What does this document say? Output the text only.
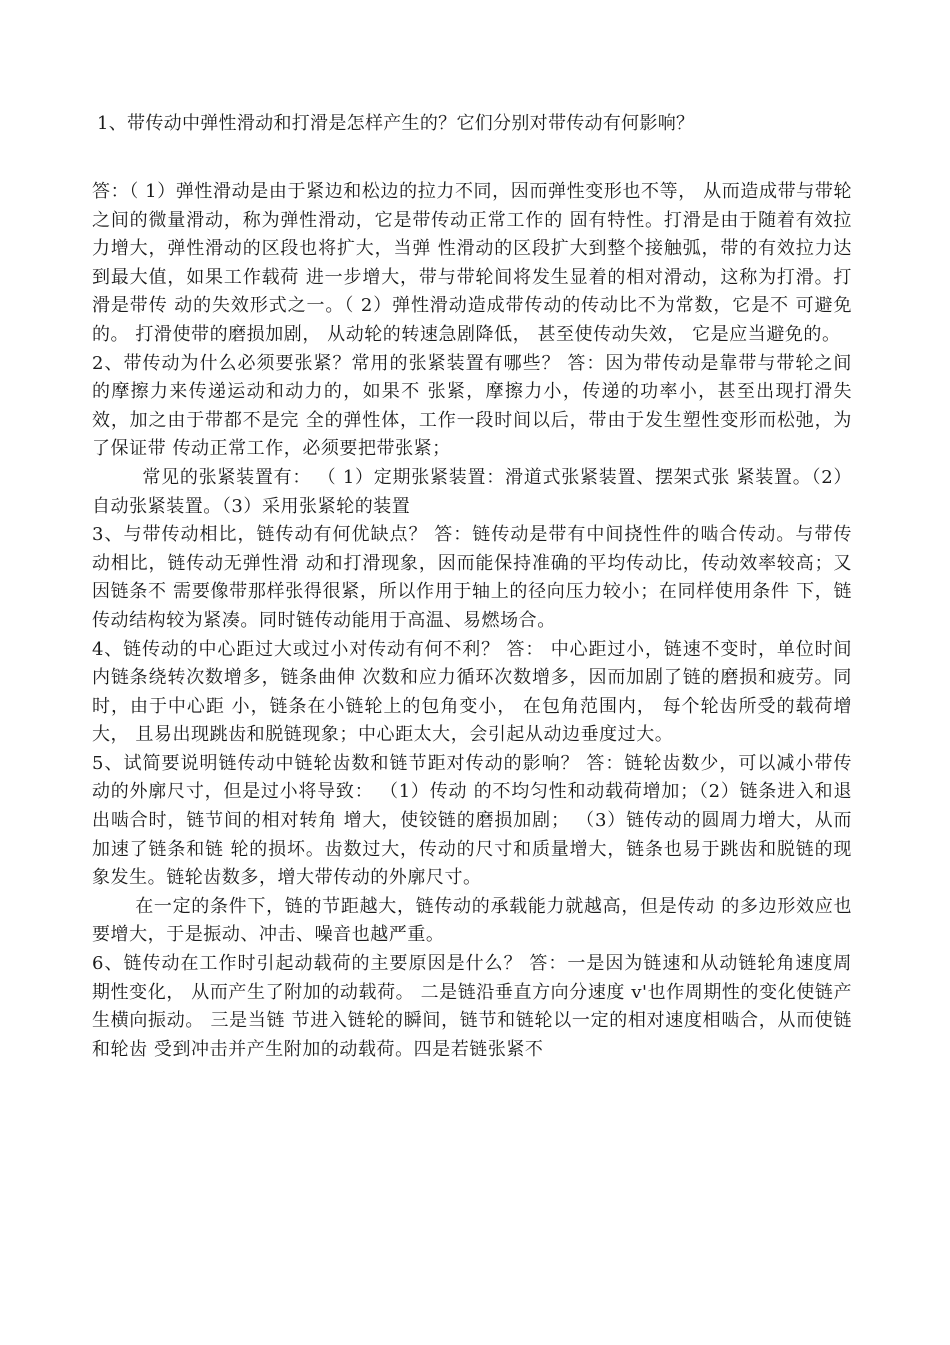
1、带传动中弹性滑动和打滑是怎样产生的？它们分别对带传动有何影响？

答：（ 1）弹性滑动是由于紧边和松边的拉力不同，因而弹性变形也不等， 从而造成带与带轮之间的微量滑动，称为弹性滑动，它是带传动正常工作的 固有特性。打滑是由于随着有效拉力增大，弹性滑动的区段也将扩大，当弹 性滑动的区段扩大到整个接触弧，带的有效拉力达到最大值，如果工作载荷 进一步增大，带与带轮间将发生显着的相对滑动，这称为打滑。打滑是带传 动的失效形式之一。（ 2）弹性滑动造成带传动的传动比不为常数，它是不 可避免的。 打滑使带的磨损加剧， 从动轮的转速急剧降低， 甚至使传动失效， 它是应当避免的。

2、带传动为什么必须要张紧？常用的张紧装置有哪些？ 答：因为带传动是靠带与带轮之间的摩擦力来传递运动和动力的，如果不 张紧，摩擦力小，传递的功率小，甚至出现打滑失效，加之由于带都不是完 全的弹性体，工作一段时间以后，带由于发生塑性变形而松弛，为了保证带 传动正常工作，必须要把带张紧；

常见的张紧装置有： （ 1）定期张紧装置：滑道式张紧装置、摆架式张 紧装置。（2）自动张紧装置。（3）采用张紧轮的装置

3、与带传动相比，链传动有何优缺点？ 答：链传动是带有中间挠性件的啮合传动。与带传动相比，链传动无弹性滑 动和打滑现象，因而能保持准确的平均传动比，传动效率较高；又因链条不 需要像带那样张得很紧，所以作用于轴上的径向压力较小；在同样使用条件 下，链传动结构较为紧凑。同时链传动能用于高温、易燃场合。

4、链传动的中心距过大或过小对传动有何不利？ 答： 中心距过小，链速不变时，单位时间内链条绕转次数增多，链条曲伸 次数和应力循环次数增多，因而加剧了链的磨损和疲劳。同时，由于中心距 小，链条在小链轮上的包角变小， 在包角范围内， 每个轮齿所受的载荷增大， 且易出现跳齿和脱链现象；中心距太大，会引起从动边垂度过大。

5、试简要说明链传动中链轮齿数和链节距对传动的影响？ 答：链轮齿数少，可以减小带传动的外廓尺寸，但是过小将导致： （1）传动 的不均匀性和动载荷增加；（2）链条进入和退出啮合时，链节间的相对转角 增大，使铰链的磨损加剧； （3）链传动的圆周力增大，从而加速了链条和链 轮的损坏。齿数过大，传动的尺寸和质量增大，链条也易于跳齿和脱链的现 象发生。链轮齿数多，增大带传动的外廓尺寸。

在一定的条件下，链的节距越大，链传动的承载能力就越高，但是传动 的多边形效应也要增大，于是振动、冲击、噪音也越严重。

6、链传动在工作时引起动载荷的主要原因是什么？ 答：一是因为链速和从动链轮角速度周期性变化， 从而产生了附加的动载荷。 二是链沿垂直方向分速度 v'也作周期性的变化使链产生横向振动。 三是当链 节进入链轮的瞬间，链节和链轮以一定的相对速度相啮合，从而使链和轮齿 受到冲击并产生附加的动载荷。四是若链张紧不
